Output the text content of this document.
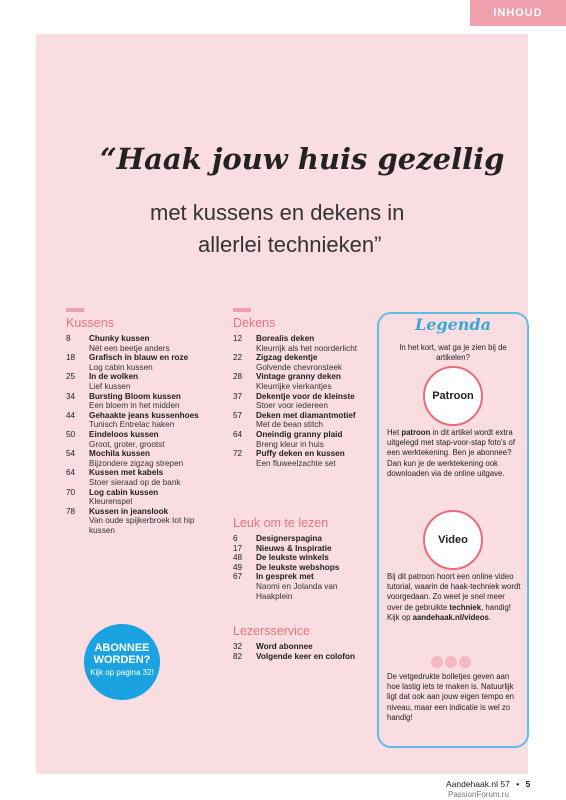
INHOUD
“Haak jouw huis gezellig
met kussens en dekens in
allerlei technieken”
Kussens
8	Chunky kussen
Nét een beetje anders
18	Grafisch in blauw en roze
Log cabin kussen
25	In de wolken
Lief kussen
34	Bursting Bloom kussen
Een bloem in het midden
44	Gehaakte jeans kussenhoes
Tunisch Entrelac haken
50	Eindeloos kussen
Groot, groter, grootst
54	Mochila kussen
Bijzondere zigzag strepen
64	Kussen met kabels
Stoer sieraad op de bank
70	Log cabin kussen
Kleurenspel
78	Kussen in jeanslook
Van oude spijkerbroek tot hip kussen
Dekens
12	Borealis deken
Kleurrijk als het noorderlicht
22	Zigzag dekentje
Golvende chevronsteek
28	Vintage granny deken
Kleurrijke vierkantjes
37	Dekentje voor de kleinste
Stoer voor iedereen
57	Deken met diamantmotief
Met de bean stitch
64	Oneindig granny plaid
Breng kleur in huis
72	Puffy deken en kussen
Een fluweelzachte set
Leuk om te lezen
6	Designerspagina
17	Nieuws & Inspiratie
48	De leukste winkels
49	De leukste webshops
67	In gesprek met
Naomi en Jolanda van Haakplein
Lezersservice
32	Word abonnee
82	Volgende keer en colofon
Legenda
In het kort, wat ga je zien bij de artikelen?
Patroon
Het patroon in dit artikel wordt extra uitgelegd met stap-voor-stap foto's of een werktekening. Ben je abonnee? Dan kun je de werktekening ook downloaden via de online uitgave.
Video
Bij dit patroon hoort een online video tutorial, waarin de haak-techniek wordt voorgedaan. Zo weet je snel meer over de gebruikte techniek, handig! Kijk op aandehaak.nl/videos.
De vetgedrukte bolletjes geven aan hoe lastig iets te maken is. Natuurlijk ligt dat ook aan jouw eigen tempo en niveau, maar een indicatie is wel zo handig!
ABONNEE WORDEN?
Kijk op pagina 32!
Aandehaak.nl 57 • 5
PassionForum.ru
